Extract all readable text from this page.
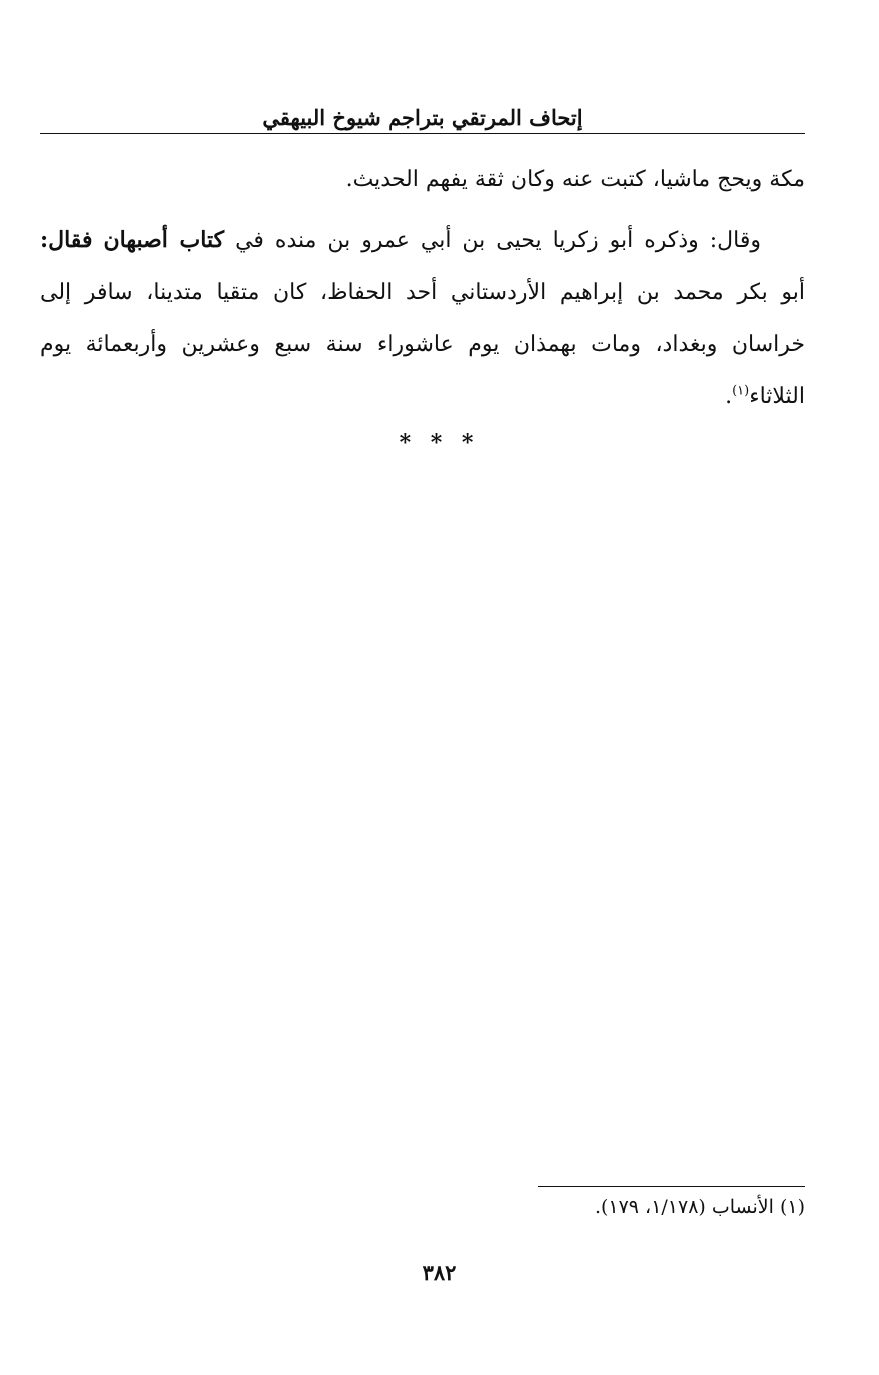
إتحاف المرتقي بتراجم شيوخ البيهقي
مكة ويحج ماشيا، كتبت عنه وكان ثقة يفهم الحديث.
وقال: وذكره أبو زكريا يحيى بن أبي عمرو بن منده في كتاب أصبهان فقال:
أبو بكر محمد بن إبراهيم الأردستاني أحد الحفاظ، كان متقيا متدينا، سافر إلى
خراسان وبغداد، ومات بهمذان يوم عاشوراء سنة سبع وعشرين وأربعمائة يوم
الثلاثاء$^{(١)}$.
* * *
(١) الأنساب (١/١٧٨، ١٧٩).
٣٨٢
